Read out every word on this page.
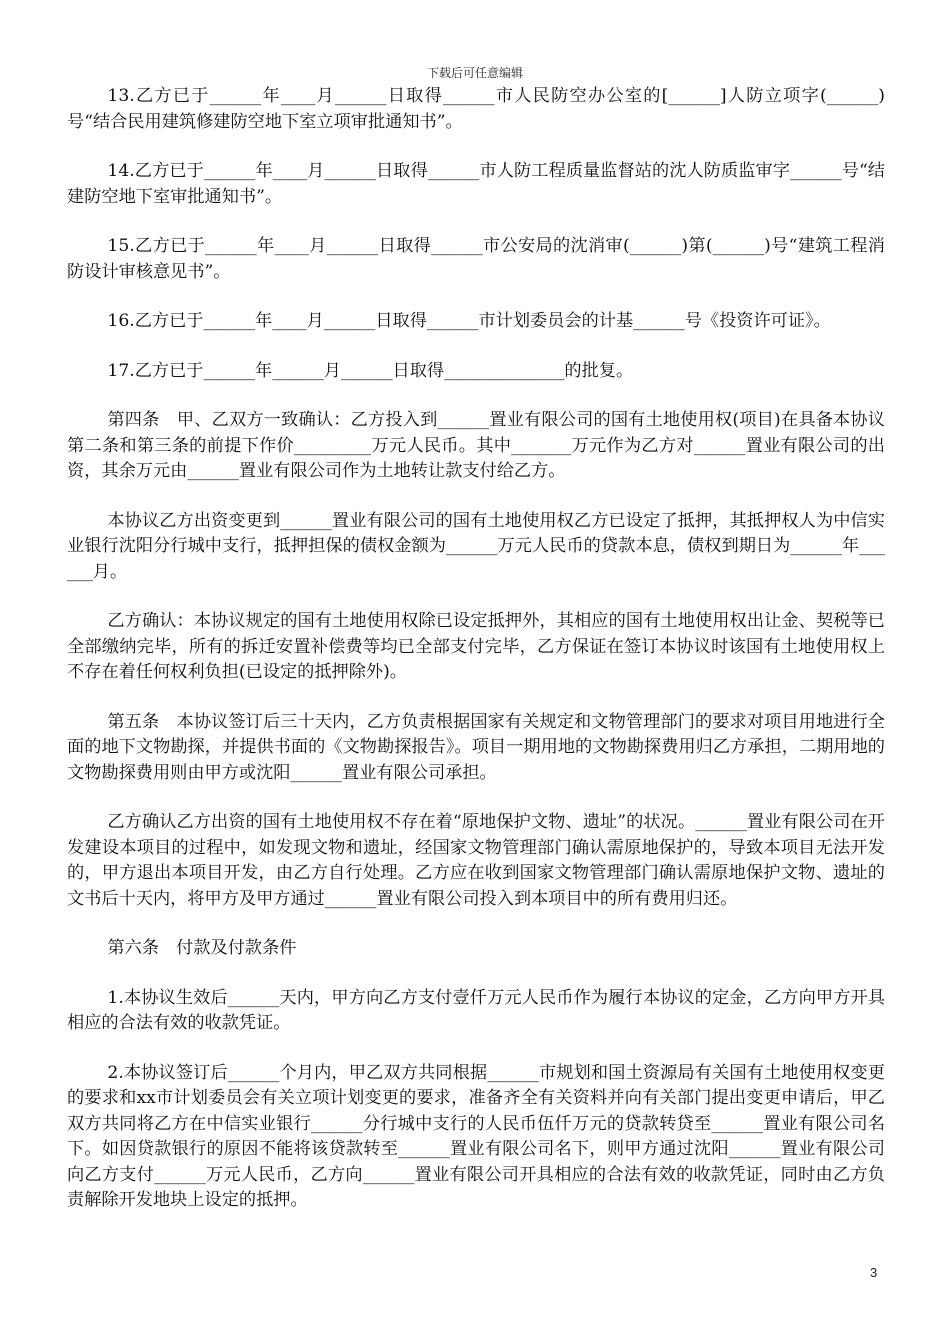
下载后可任意编辑

13.乙方已于______年____月______日取得______市人民防空办公室的[______]人防立项字(______)号“结合民用建筑修建防空地下室立项审批通知书”。

14.乙方已于______年____月______日取得______市人防工程质量监督站的沈人防质监审字______号“结建防空地下室审批通知书”。

15.乙方已于______年____月______日取得______市公安局的沈消审(______)第(______)号“建筑工程消防设计审核意见书”。

16.乙方已于______年____月______日取得______市计划委员会的计基______号《投资许可证》。

17.乙方已于______年______月______日取得______________的批复。

第四条　甲、乙双方一致确认：乙方投入到______置业有限公司的国有土地使用权(项目)在具备本协议第二条和第三条的前提下作价_________万元人民币。其中_______万元作为乙方对______置业有限公司的出资，其余万元由______置业有限公司作为土地转让款支付给乙方。

本协议乙方出资变更到______置业有限公司的国有土地使用权乙方已设定了抵押，其抵押权人为中信实业银行沈阳分行城中支行，抵押担保的债权金额为______万元人民币的贷款本息，债权到期日为______年______月。

乙方确认：本协议规定的国有土地使用权除已设定抵押外，其相应的国有土地使用权出让金、契税等已全部缴纳完毕，所有的拆迁安置补偿费等均已全部支付完毕，乙方保证在签订本协议时该国有土地使用权上不存在着任何权利负担(已设定的抵押除外)。

第五条　本协议签订后三十天内，乙方负责根据国家有关规定和文物管理部门的要求对项目用地进行全面的地下文物勘探，并提供书面的《文物勘探报告》。项目一期用地的文物勘探费用归乙方承担，二期用地的文物勘探费用则由甲方或沈阳______置业有限公司承担。

乙方确认乙方出资的国有土地使用权不存在着“原地保护文物、遗址”的状况。______置业有限公司在开发建设本项目的过程中，如发现文物和遗址，经国家文物管理部门确认需原地保护的，导致本项目无法开发的，甲方退出本项目开发，由乙方自行处理。乙方应在收到国家文物管理部门确认需原地保护文物、遗址的文书后十天内，将甲方及甲方通过______置业有限公司投入到本项目中的所有费用归还。

第六条　付款及付款条件

1.本协议生效后______天内，甲方向乙方支付壹仟万元人民币作为履行本协议的定金，乙方向甲方开具相应的合法有效的收款凭证。

2.本协议签订后______个月内，甲乙双方共同根据______市规划和国土资源局有关国有土地使用权变更的要求和xx市计划委员会有关立项计划变更的要求，准备齐全有关资料并向有关部门提出变更申请后，甲乙双方共同将乙方在中信实业银行______分行城中支行的人民币伍仟万元的贷款转贷至______置业有限公司名下。如因贷款银行的原因不能将该贷款转至______置业有限公司名下，则甲方通过沈阳______置业有限公司向乙方支付______万元人民币，乙方向______置业有限公司开具相应的合法有效的收款凭证，同时由乙方负责解除开发地块上设定的抵押。

3
